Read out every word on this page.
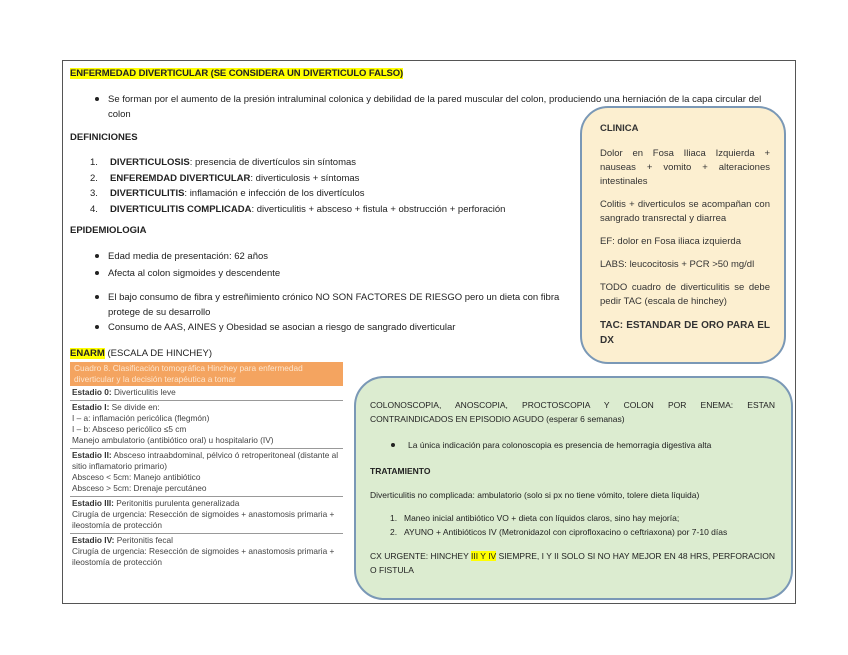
ENFERMEDAD DIVERTICULAR (SE CONSIDERA UN DIVERTICULO FALSO)
Se forman por el aumento de la presión intraluminal colonica y debilidad de la pared muscular del colon, produciendo una herniación de la capa circular del colon
DEFINICIONES
1.	DIVERTICULOSIS: presencia de divertículos sin síntomas
2.	ENFEREMDAD DIVERTICULAR: diverticulosis + síntomas
3.	DIVERTICULITIS: inflamación e infección de los divertículos
4.	DIVERTICULITIS COMPLICADA: diverticulitis + absceso + fistula + obstrucción + perforación
EPIDEMIOLOGIA
Edad media de presentación: 62 años
Afecta al colon sigmoides y descendente
El bajo consumo de fibra y estreñimiento crónico NO SON FACTORES DE RIESGO pero un dieta con fibra protege de su desarrollo
Consumo de AAS, AINES y Obesidad se asocian a riesgo de sangrado diverticular
ENARM (ESCALA DE HINCHEY)
Cuadro 8. Clasificación tomográfica Hinchey para enfermedad diverticular y la decisión terapéutica a tomar
Estadio 0: Diverticulitis leve
Estadio I: Se divide en:
I – a: inflamación pericólica (flegmón)
I – b: Absceso pericólico ≤5 cm
Manejo ambulatorio (antibiótico oral) u hospitalario (IV)
Estadio II: Absceso intraabdominal, pélvico ó retroperitoneal (distante al sitio inflamatorio primario)
Absceso < 5cm: Manejo antibiótico
Absceso > 5cm: Drenaje percutáneo
Estadio III: Peritonitis purulenta generalizada
Cirugía de urgencia: Resección de sigmoides + anastomosis primaria + ileostomía de protección
Estadio IV: Peritonitis fecal
Cirugía de urgencia: Resección de sigmoides + anastomosis primaria + ileostomía de protección
CLINICA

Dolor en Fosa Iliaca Izquierda + nauseas + vomito + alteraciones intestinales

Colitis + diverticulos se acompañan con sangrado transrectal y diarrea

EF: dolor en Fosa iliaca izquierda

LABS: leucocitosis + PCR >50 mg/dl

TODO cuadro de diverticulitis se debe pedir TAC (escala de hinchey)

TAC: ESTANDAR DE ORO PARA EL DX

COLONOSCOPIA, ANOSCOPIA, PROCTOSCOPIA Y COLON POR ENEMA: ESTAN CONTRAINDICADOS EN EPISODIO AGUDO (esperar 6 semanas)

La única indicación para colonoscopia es presencia de hemorragia digestiva alta

TRATAMIENTO

Diverticulitis no complicada: ambulatorio (solo si px no tiene vómito, tolere dieta líquida)

1. Maneo inicial antibiótico VO + dieta con líquidos claros, sino hay mejoría;
2. AYUNO + Antibióticos IV (Metronidazol con ciprofloxacino o ceftriaxona) por 7-10 días

CX URGENTE: HINCHEY III Y IV SIEMPRE, I Y II SOLO SI NO HAY MEJOR EN 48 HRS, PERFORACION O FISTULA
